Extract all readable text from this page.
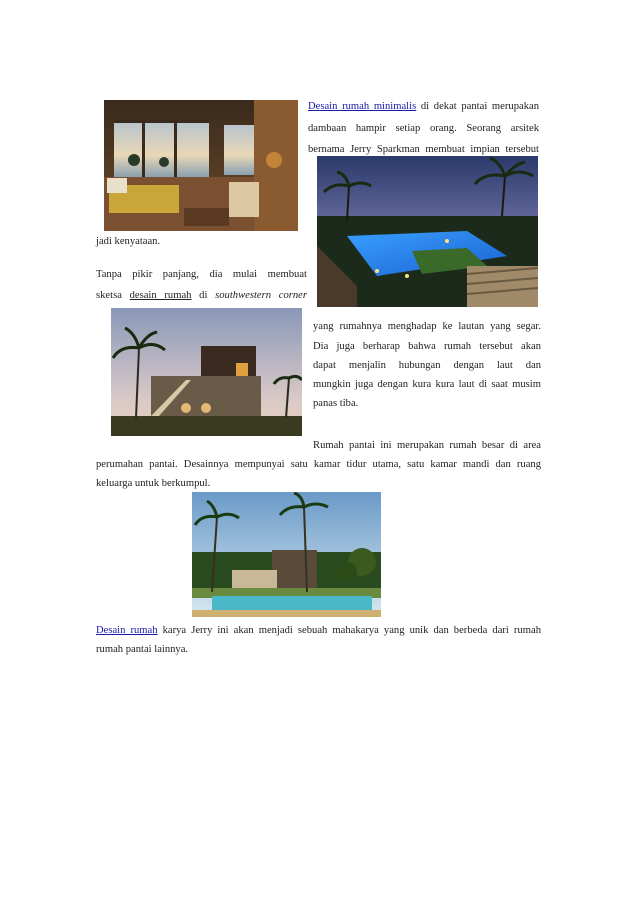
Desain rumah minimalis di dekat pantai merupakan

dambaan hampir setiap orang. Seorang arsitek

bernama Jerry Sparkman membuat impian tersebut

jadi kenyataan.

Tanpa pikir panjang, dia mulai membuat

sketsa desain rumah di southwestern corner

yang rumahnya menghadap ke lautan yang segar.

Dia juga berharap bahwa rumah tersebut akan

dapat menjalin hubungan dengan laut dan

mungkin juga dengan kura kura laut di saat musim

panas tiba.

Rumah pantai ini merupakan rumah besar di area

perumahan pantai. Desainnya mempunyai satu kamar tidur utama, satu kamar mandi dan ruang

keluarga untuk berkumpul.

Desain rumah karya Jerry ini akan menjadi sebuah mahakarya yang unik dan berbeda dari rumah

rumah pantai lainnya.
